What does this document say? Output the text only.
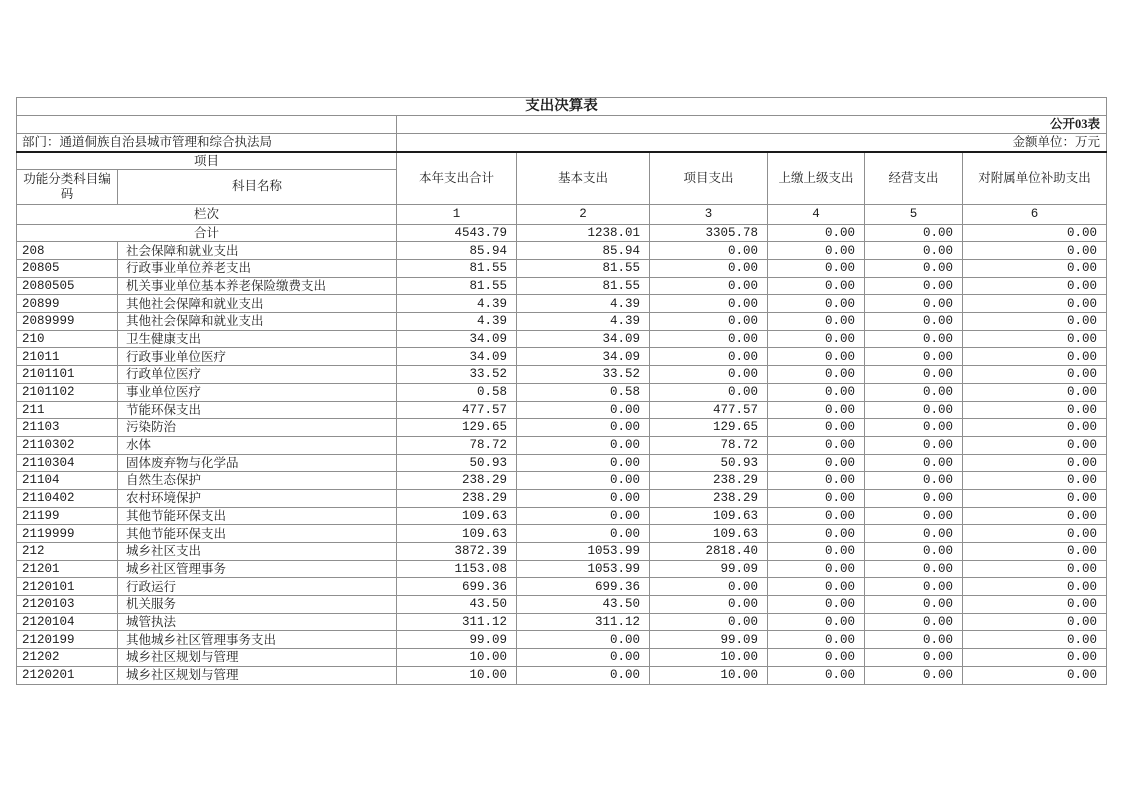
支出决算表							
		公开03表					
部门：通道侗族自治县城市管理和综合执法局		金额单位：万元					
项目		本年支出合计	基本支出	项目支出	上缴上级支出	经营支出	对附属单位补助支出
功能分类科目编码	科目名称						
栏次		1	2	3	4	5	6
合计		4543.79	1238.01	3305.78	0.00	0.00	0.00
208	社会保障和就业支出	85.94	85.94	0.00	0.00	0.00	0.00
20805	行政事业单位养老支出	81.55	81.55	0.00	0.00	0.00	0.00
2080505	机关事业单位基本养老保险缴费支出	81.55	81.55	0.00	0.00	0.00	0.00
20899	其他社会保障和就业支出	4.39	4.39	0.00	0.00	0.00	0.00
2089999	其他社会保障和就业支出	4.39	4.39	0.00	0.00	0.00	0.00
210	卫生健康支出	34.09	34.09	0.00	0.00	0.00	0.00
21011	行政事业单位医疗	34.09	34.09	0.00	0.00	0.00	0.00
2101101	行政单位医疗	33.52	33.52	0.00	0.00	0.00	0.00
2101102	事业单位医疗	0.58	0.58	0.00	0.00	0.00	0.00
211	节能环保支出	477.57	0.00	477.57	0.00	0.00	0.00
21103	污染防治	129.65	0.00	129.65	0.00	0.00	0.00
2110302	水体	78.72	0.00	78.72	0.00	0.00	0.00
2110304	固体废弃物与化学品	50.93	0.00	50.93	0.00	0.00	0.00
21104	自然生态保护	238.29	0.00	238.29	0.00	0.00	0.00
2110402	农村环境保护	238.29	0.00	238.29	0.00	0.00	0.00
21199	其他节能环保支出	109.63	0.00	109.63	0.00	0.00	0.00
2119999	其他节能环保支出	109.63	0.00	109.63	0.00	0.00	0.00
212	城乡社区支出	3872.39	1053.99	2818.40	0.00	0.00	0.00
21201	城乡社区管理事务	1153.08	1053.99	99.09	0.00	0.00	0.00
2120101	行政运行	699.36	699.36	0.00	0.00	0.00	0.00
2120103	机关服务	43.50	43.50	0.00	0.00	0.00	0.00
2120104	城管执法	311.12	311.12	0.00	0.00	0.00	0.00
2120199	其他城乡社区管理事务支出	99.09	0.00	99.09	0.00	0.00	0.00
21202	城乡社区规划与管理	10.00	0.00	10.00	0.00	0.00	0.00
2120201	城乡社区规划与管理	10.00	0.00	10.00	0.00	0.00	0.00
